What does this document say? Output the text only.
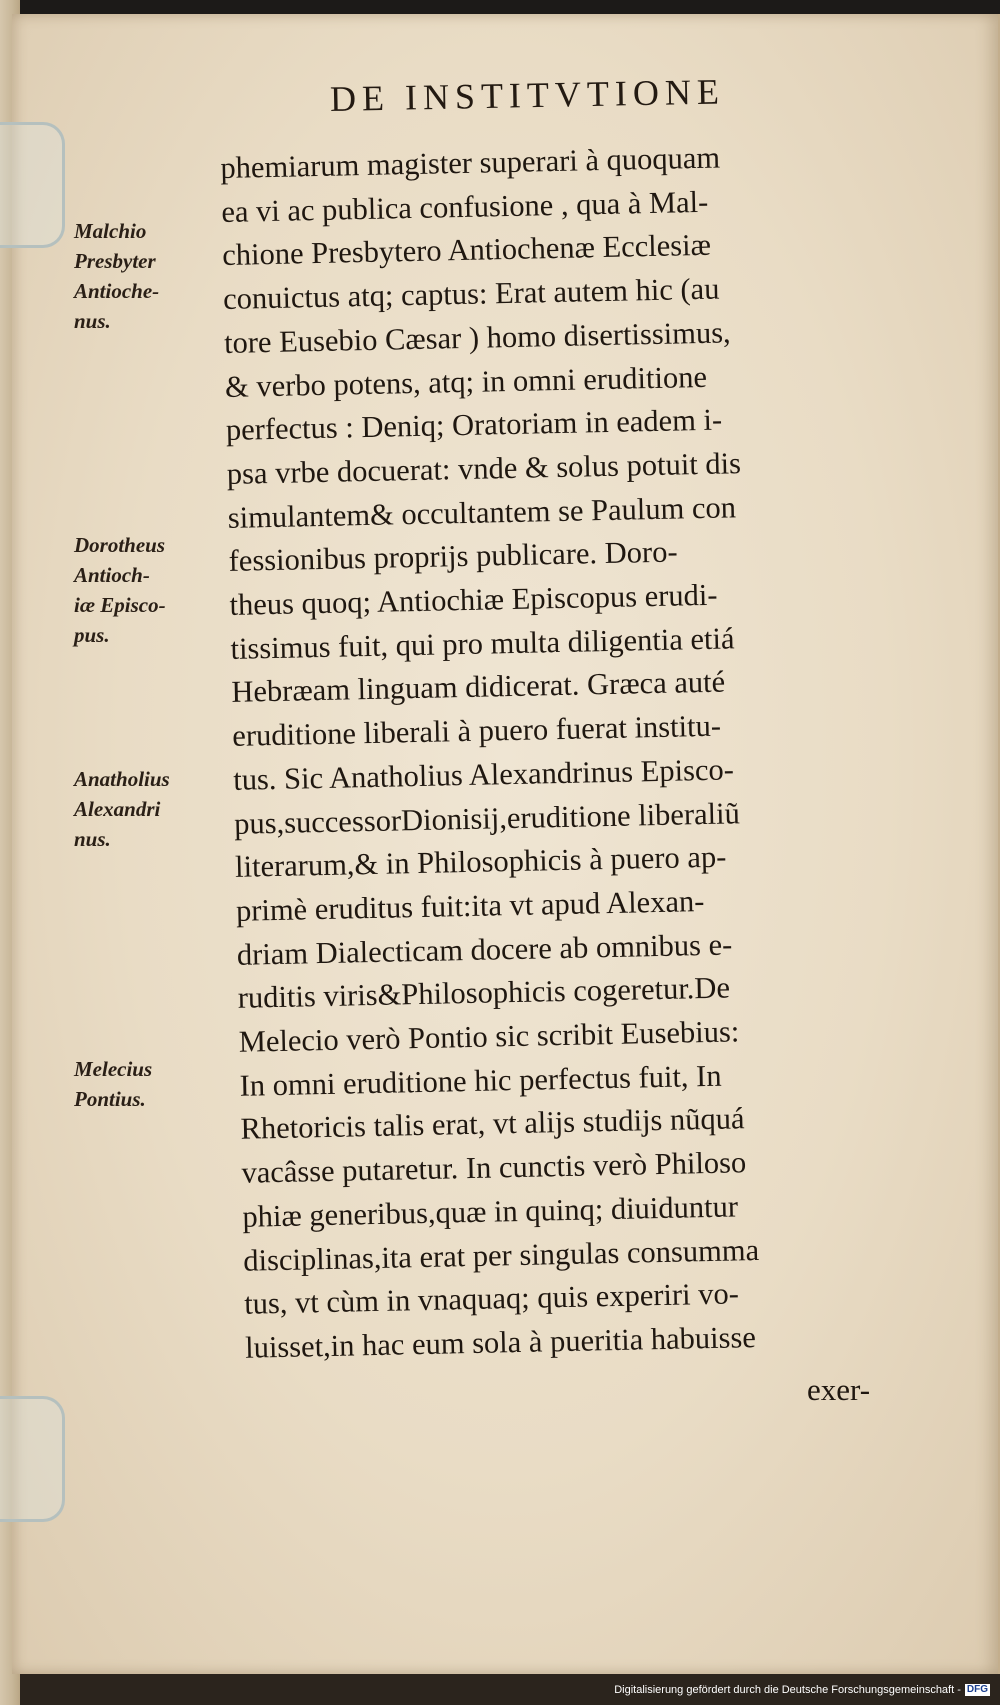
DE INSTITVTIONE
Malchio
Presbyter
Antioche-
nus.
Dorotheus
Antioch-
iæ Episco-
pus.
Anatholius
Alexandri
nus.
Melecius
Pontius.
phemiarum magister superari à quoquam
ea vi ac publica confusione , qua à Mal-
chione Presbytero Antiochenæ Ecclesiæ
conuictus atq; captus: Erat autem hic (au
tore Eusebio Cæsar ) homo disertissimus,
& verbo potens, atq; in omni eruditione
perfectus : Deniq; Oratoriam in eadem i-
psa vrbe docuerat: vnde & solus potuit dis
simulantem& occultantem se Paulum con
fessionibus proprijs publicare. Doro-
theus quoq; Antiochiæ Episcopus erudi-
tissimus fuit, qui pro multa diligentia etiá
Hebræam linguam didicerat. Græca auté
eruditione liberali à puero fuerat institu-
tus. Sic Anatholius Alexandrinus Episco-
pus,successorDionisij,eruditione liberaliũ
literarum,& in Philosophicis à puero ap-
primè eruditus fuit:ita vt apud Alexan-
driam Dialecticam docere ab omnibus e-
ruditis viris&Philosophicis cogeretur.De
Melecio verò Pontio sic scribit Eusebius:
In omni eruditione hic perfectus fuit, In
Rhetoricis talis erat, vt alijs studijs nũquá
vacâsse putaretur. In cunctis verò Philoso
phiæ generibus,quæ in quinq; diuiduntur
disciplinas,ita erat per singulas consumma
tus, vt cùm in vnaquaq; quis experiri vo-
luisset,in hac eum sola à pueritia habuisse
exer-
Digitalisierung gefördert durch die Deutsche Forschungsgemeinschaft - DFG
